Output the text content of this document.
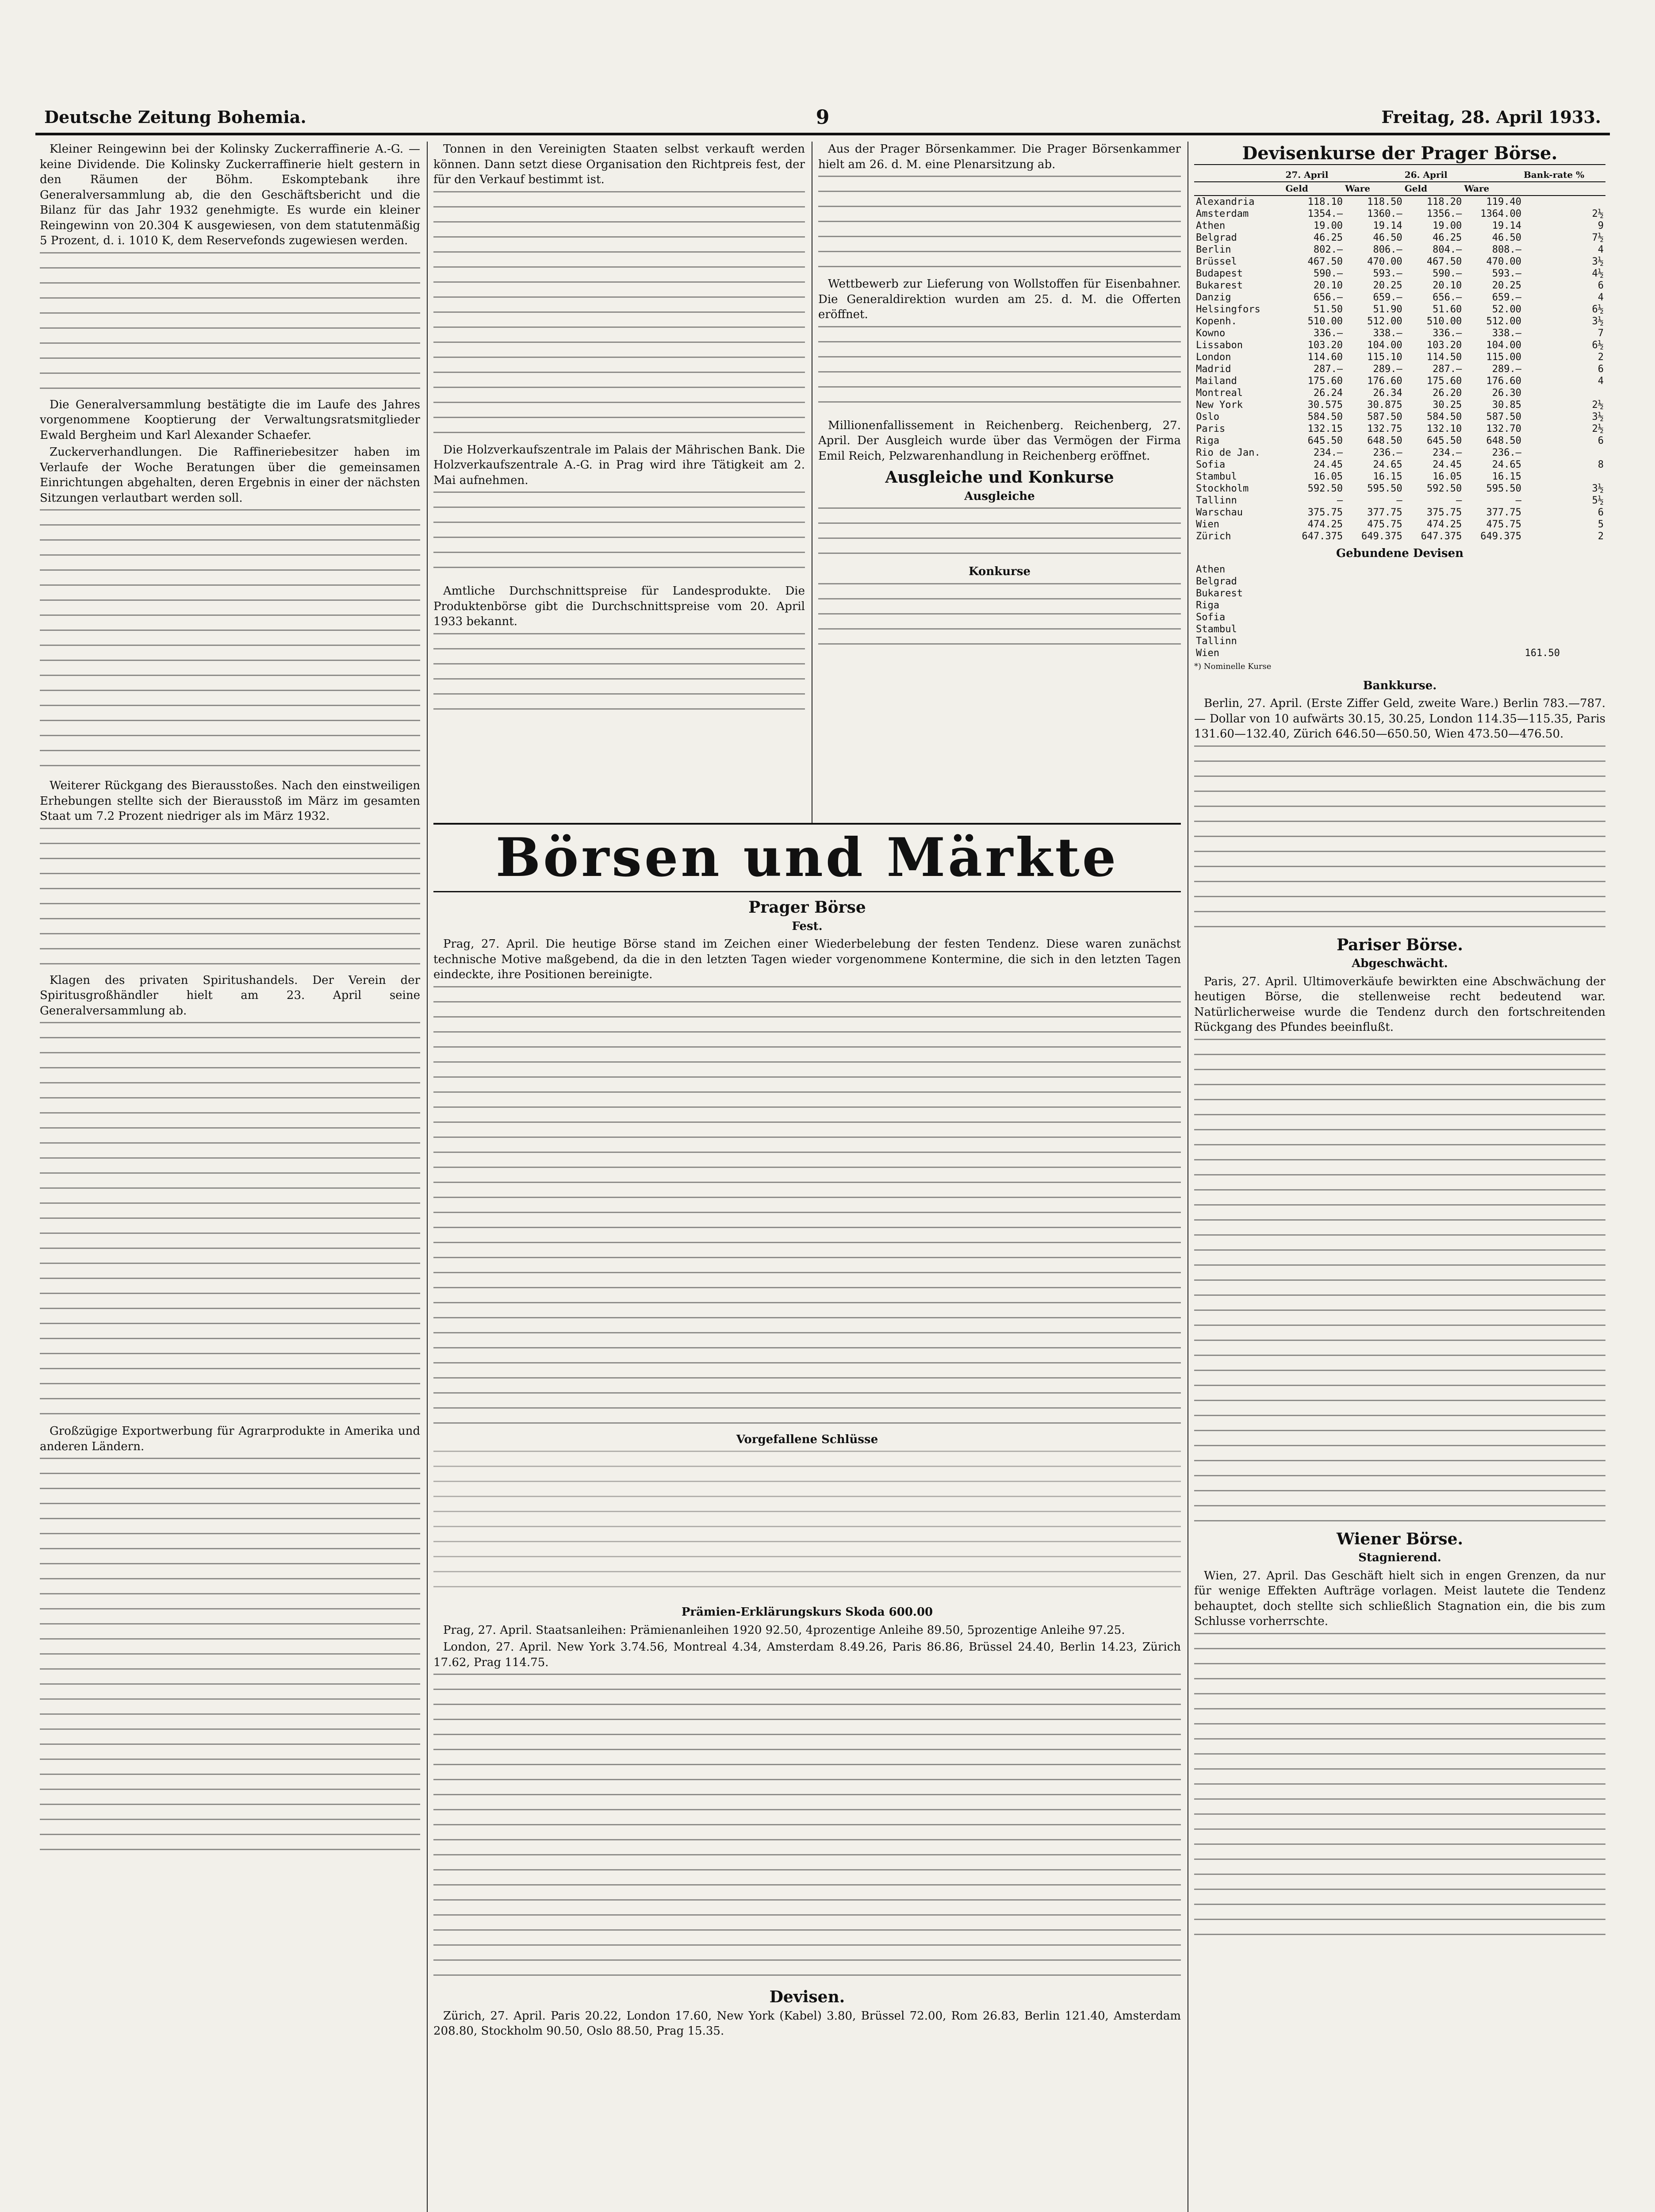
Deutsche Zeitung Bohemia.	9	Freitag, 28. April 1933.

Kleiner Reingewinn bei der Kolinsky Zuckerraffinerie A.-G. — keine Dividende. Die Kolinsky Zuckerraffinerie hielt gestern in den Räumen der Böhm. Eskomptebank ihre Generalversammlung ab, die den Geschäftsbericht und die Bilanz für das Jahr 1932 genehmigte. Es wurde ein kleiner Reingewinn von 20.304 K ausgewiesen, von dem statutenmäßig 5 Prozent, d. i. 1010 K, dem Reservefonds zugewiesen werden.

Die Generalversammlung bestätigte die im Laufe des Jahres vorgenommene Kooptierung der Verwaltungsratsmitglieder Ewald Bergheim und Karl Alexander Schaefer.

Zuckerverhandlungen. Die Raffineriebesitzer haben im Verlaufe der Woche Beratungen über die gemeinsamen Einrichtungen abgehalten, deren Ergebnis in einer der nächsten Sitzungen verlautbart werden soll.

Weiterer Rückgang des Bierausstoßes. Nach den einstweiligen Erhebungen stellte sich der Bierausstoß im März im gesamten Staat um 7.2 Prozent niedriger als im März 1932.

Klagen des privaten Spiritushandels. Der Verein der Spiritusgroßhändler hielt am 23. April seine Generalversammlung ab.

Großzügige Exportwerbung für Agrarprodukte in Amerika und anderen Ländern.

Tonnen in den Vereinigten Staaten selbst verkauft werden können. Dann setzt diese Organisation den Richtpreis fest, der für den Verkauf bestimmt ist.

Die Holzverkaufszentrale im Palais der Mährischen Bank. Die Holzverkaufszentrale A.-G. in Prag wird ihre Tätigkeit am 2. Mai aufnehmen.

Amtliche Durchschnittspreise für Landesprodukte. Die Produktenbörse gibt die Durchschnittspreise vom 20. April 1933 bekannt.

Aus der Prager Börsenkammer. Die Prager Börsenkammer hielt am 26. d. M. eine Plenarsitzung ab.

Wettbewerb zur Lieferung von Wollstoffen für Eisenbahner. Die Generaldirektion wurden am 25. d. M. die Offerten eröffnet.

Millionenfallissement in Reichenberg. Reichenberg, 27. April. Der Ausgleich wurde über das Vermögen der Firma Emil Reich, Pelzwarenhandlung in Reichenberg eröffnet.

Ausgleiche und Konkurse
Ausgleiche
Konkurse
Börsen und Märkte
Prager Börse
Fest.

Prag, 27. April. Die heutige Börse stand im Zeichen einer Wiederbelebung der festen Tendenz. Diese waren zunächst technische Motive maßgebend, da die in den letzten Tagen wieder vorgenommene Kontermine, die sich in den letzten Tagen eindeckte, ihre Positionen bereinigte.

Vorgefallene Schlüsse
Prämien-Erklärungskurs Skoda 600.00

Prag, 27. April. Staatsanleihen: Prämienanleihen 1920 92.50, 4prozentige Anleihe 89.50, 5prozentige Anleihe 97.25.

London, 27. April. New York 3.74.56, Montreal 4.34, Amsterdam 8.49.26, Paris 86.86, Brüssel 24.40, Berlin 14.23, Zürich 17.62, Prag 114.75.

Devisen.

Zürich, 27. April. Paris 20.22, London 17.60, New York (Kabel) 3.80, Brüssel 72.00, Rom 26.83, Berlin 121.40, Amsterdam 208.80, Stockholm 90.50, Oslo 88.50, Prag 15.35.

Devisenkurse der Prager Börse.
	27. April		26. April		Bank-rate %
	Geld	Ware	Geld	Ware	
Alexandria	118.10	118.50	118.20	119.40	
Amsterdam	1354.—	1360.—	1356.—	1364.00	2½
Athen	19.00	19.14	19.00	19.14	9
Belgrad	46.25	46.50	46.25	46.50	7½
Berlin	802.—	806.—	804.—	808.—	4
Brüssel	467.50	470.00	467.50	470.00	3½
Budapest	590.—	593.—	590.—	593.—	4½
Bukarest	20.10	20.25	20.10	20.25	6
Danzig	656.—	659.—	656.—	659.—	4
Helsingfors	51.50	51.90	51.60	52.00	6½
Kopenh.	510.00	512.00	510.00	512.00	3½
Kowno	336.—	338.—	336.—	338.—	7
Lissabon	103.20	104.00	103.20	104.00	6½
London	114.60	115.10	114.50	115.00	2
Madrid	287.—	289.—	287.—	289.—	6
Mailand	175.60	176.60	175.60	176.60	4
Montreal	26.24	26.34	26.20	26.30	
New York	30.575	30.875	30.25	30.85	2½
Oslo	584.50	587.50	584.50	587.50	3½
Paris	132.15	132.75	132.10	132.70	2½
Riga	645.50	648.50	645.50	648.50	6
Rio de Jan.	234.—	236.—	234.—	236.—	
Sofia	24.45	24.65	24.45	24.65	8
Stambul	16.05	16.15	16.05	16.15	
Stockholm	592.50	595.50	592.50	595.50	3½
Tallinn	—	—	—	—	5½
Warschau	375.75	377.75	375.75	377.75	6
Wien	474.25	475.75	474.25	475.75	5
Zürich	647.375	649.375	647.375	649.375	2
Gebundene Devisen
Athen				
Belgrad				
Bukarest				
Riga				
Sofia				
Stambul				
Tallinn				
Wien	161.50			
*) Nominelle Kurse
Bankkurse.

Berlin, 27. April. (Erste Ziffer Geld, zweite Ware.) Berlin 783.—787.— Dollar von 10 aufwärts 30.15, 30.25, London 114.35—115.35, Paris 131.60—132.40, Zürich 646.50—650.50, Wien 473.50—476.50.

Pariser Börse.
Abgeschwächt.

Paris, 27. April. Ultimoverkäufe bewirkten eine Abschwächung der heutigen Börse, die stellenweise recht bedeutend war. Natürlicherweise wurde die Tendenz durch den fortschreitenden Rückgang des Pfundes beeinflußt.

Wiener Börse.
Stagnierend.

Wien, 27. April. Das Geschäft hielt sich in engen Grenzen, da nur für wenige Effekten Aufträge vorlagen. Meist lautete die Tendenz behauptet, doch stellte sich schließlich Stagnation ein, die bis zum Schlusse vorherrschte.
